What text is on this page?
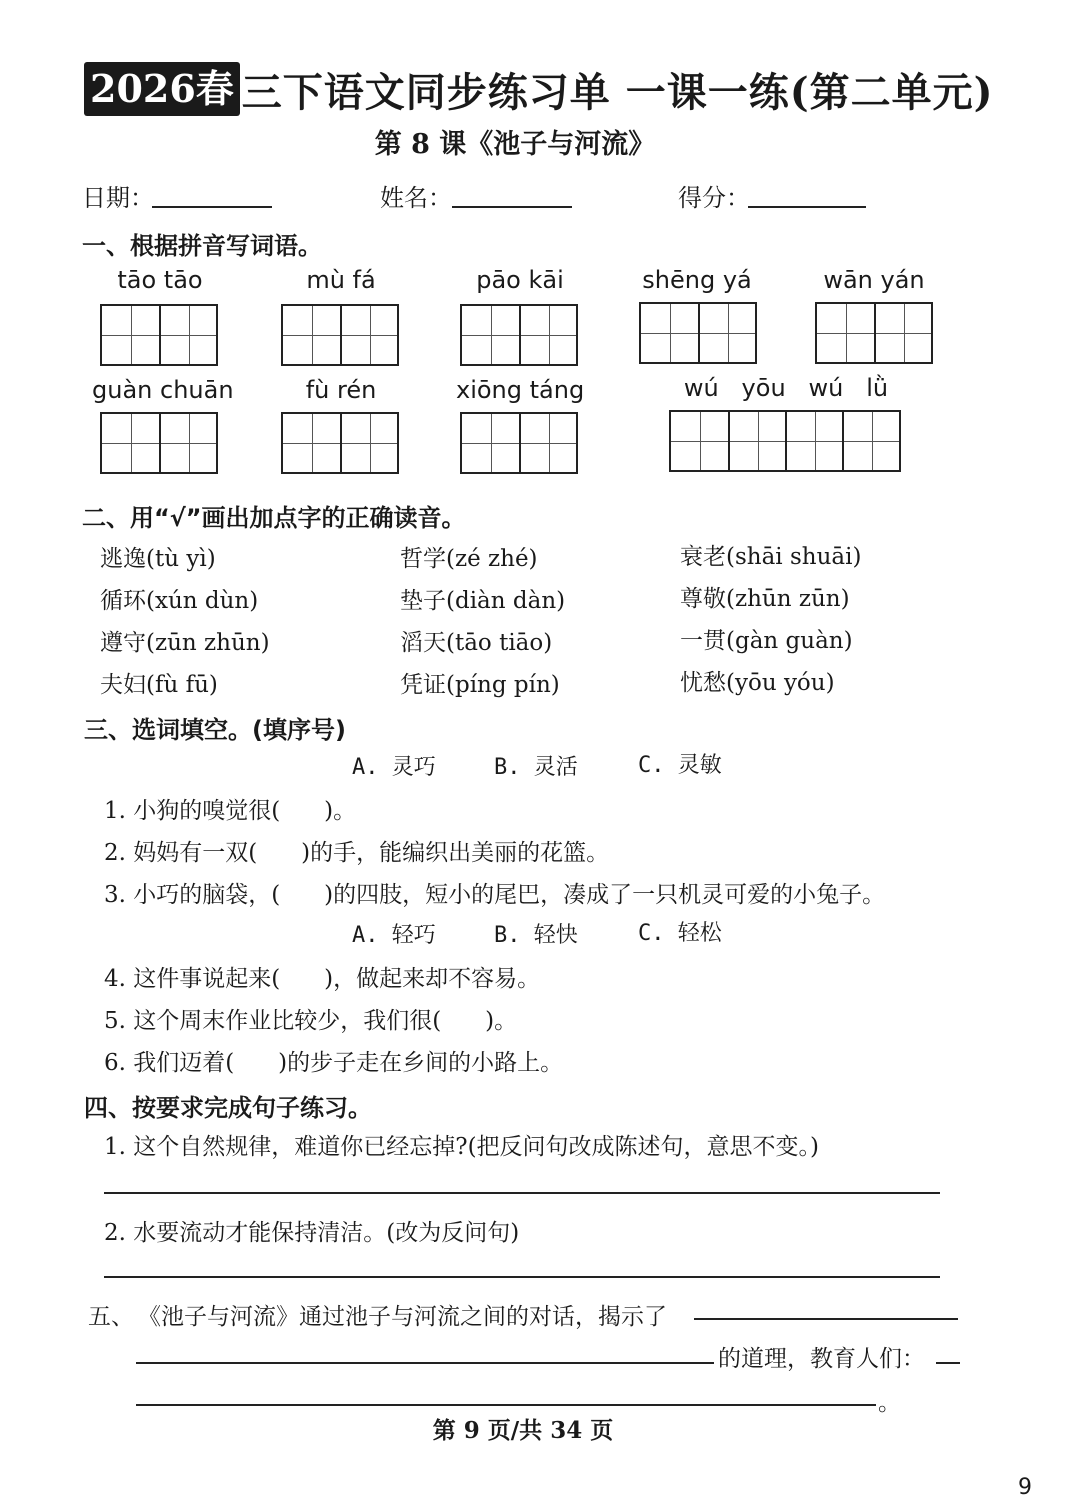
2026春 三下语文同步练习单 一课一练(第二单元)
第 8 课《池子与河流》
日期：	姓名：	得分：
一、根据拼音写词语。
tāo tāo	mù fá	pāo kāi	shēng yá	wān yán
guàn chuān	fù rén	xiōng táng	wú   yōu   wú   lǜ
二、用“√”画出加点字的正确读音。
逃逸(tù yì)	哲学(zé zhé)	衰老(shāi shuāi)
循环(xún dùn)	垫子(diàn dàn)	尊敬(zhūn zūn)
遵守(zūn zhūn)	滔天(tāo tiāo)	一贯(gàn guàn)
夫妇(fù fū)	凭证(píng pín)	忧愁(yōu yóu)
三、选词填空。(填序号)
A. 灵巧	B. 灵活	C. 灵敏
1. 小狗的嗅觉很(      )。
2. 妈妈有一双(      )的手，能编织出美丽的花篮。
3. 小巧的脑袋，(      )的四肢，短小的尾巴，凑成了一只机灵可爱的小兔子。
A. 轻巧	B. 轻快	C. 轻松
4. 这件事说起来(      )，做起来却不容易。
5. 这个周末作业比较少，我们很(      )。
6. 我们迈着(      )的步子走在乡间的小路上。
四、按要求完成句子练习。
1. 这个自然规律，难道你已经忘掉?(把反问句改成陈述句，意思不变。)
2. 水要流动才能保持清洁。(改为反问句)
五、 《池子与河流》通过池子与河流之间的对话，揭示了
的道理，教育人们：
。
第 9 页/共 34 页
9
